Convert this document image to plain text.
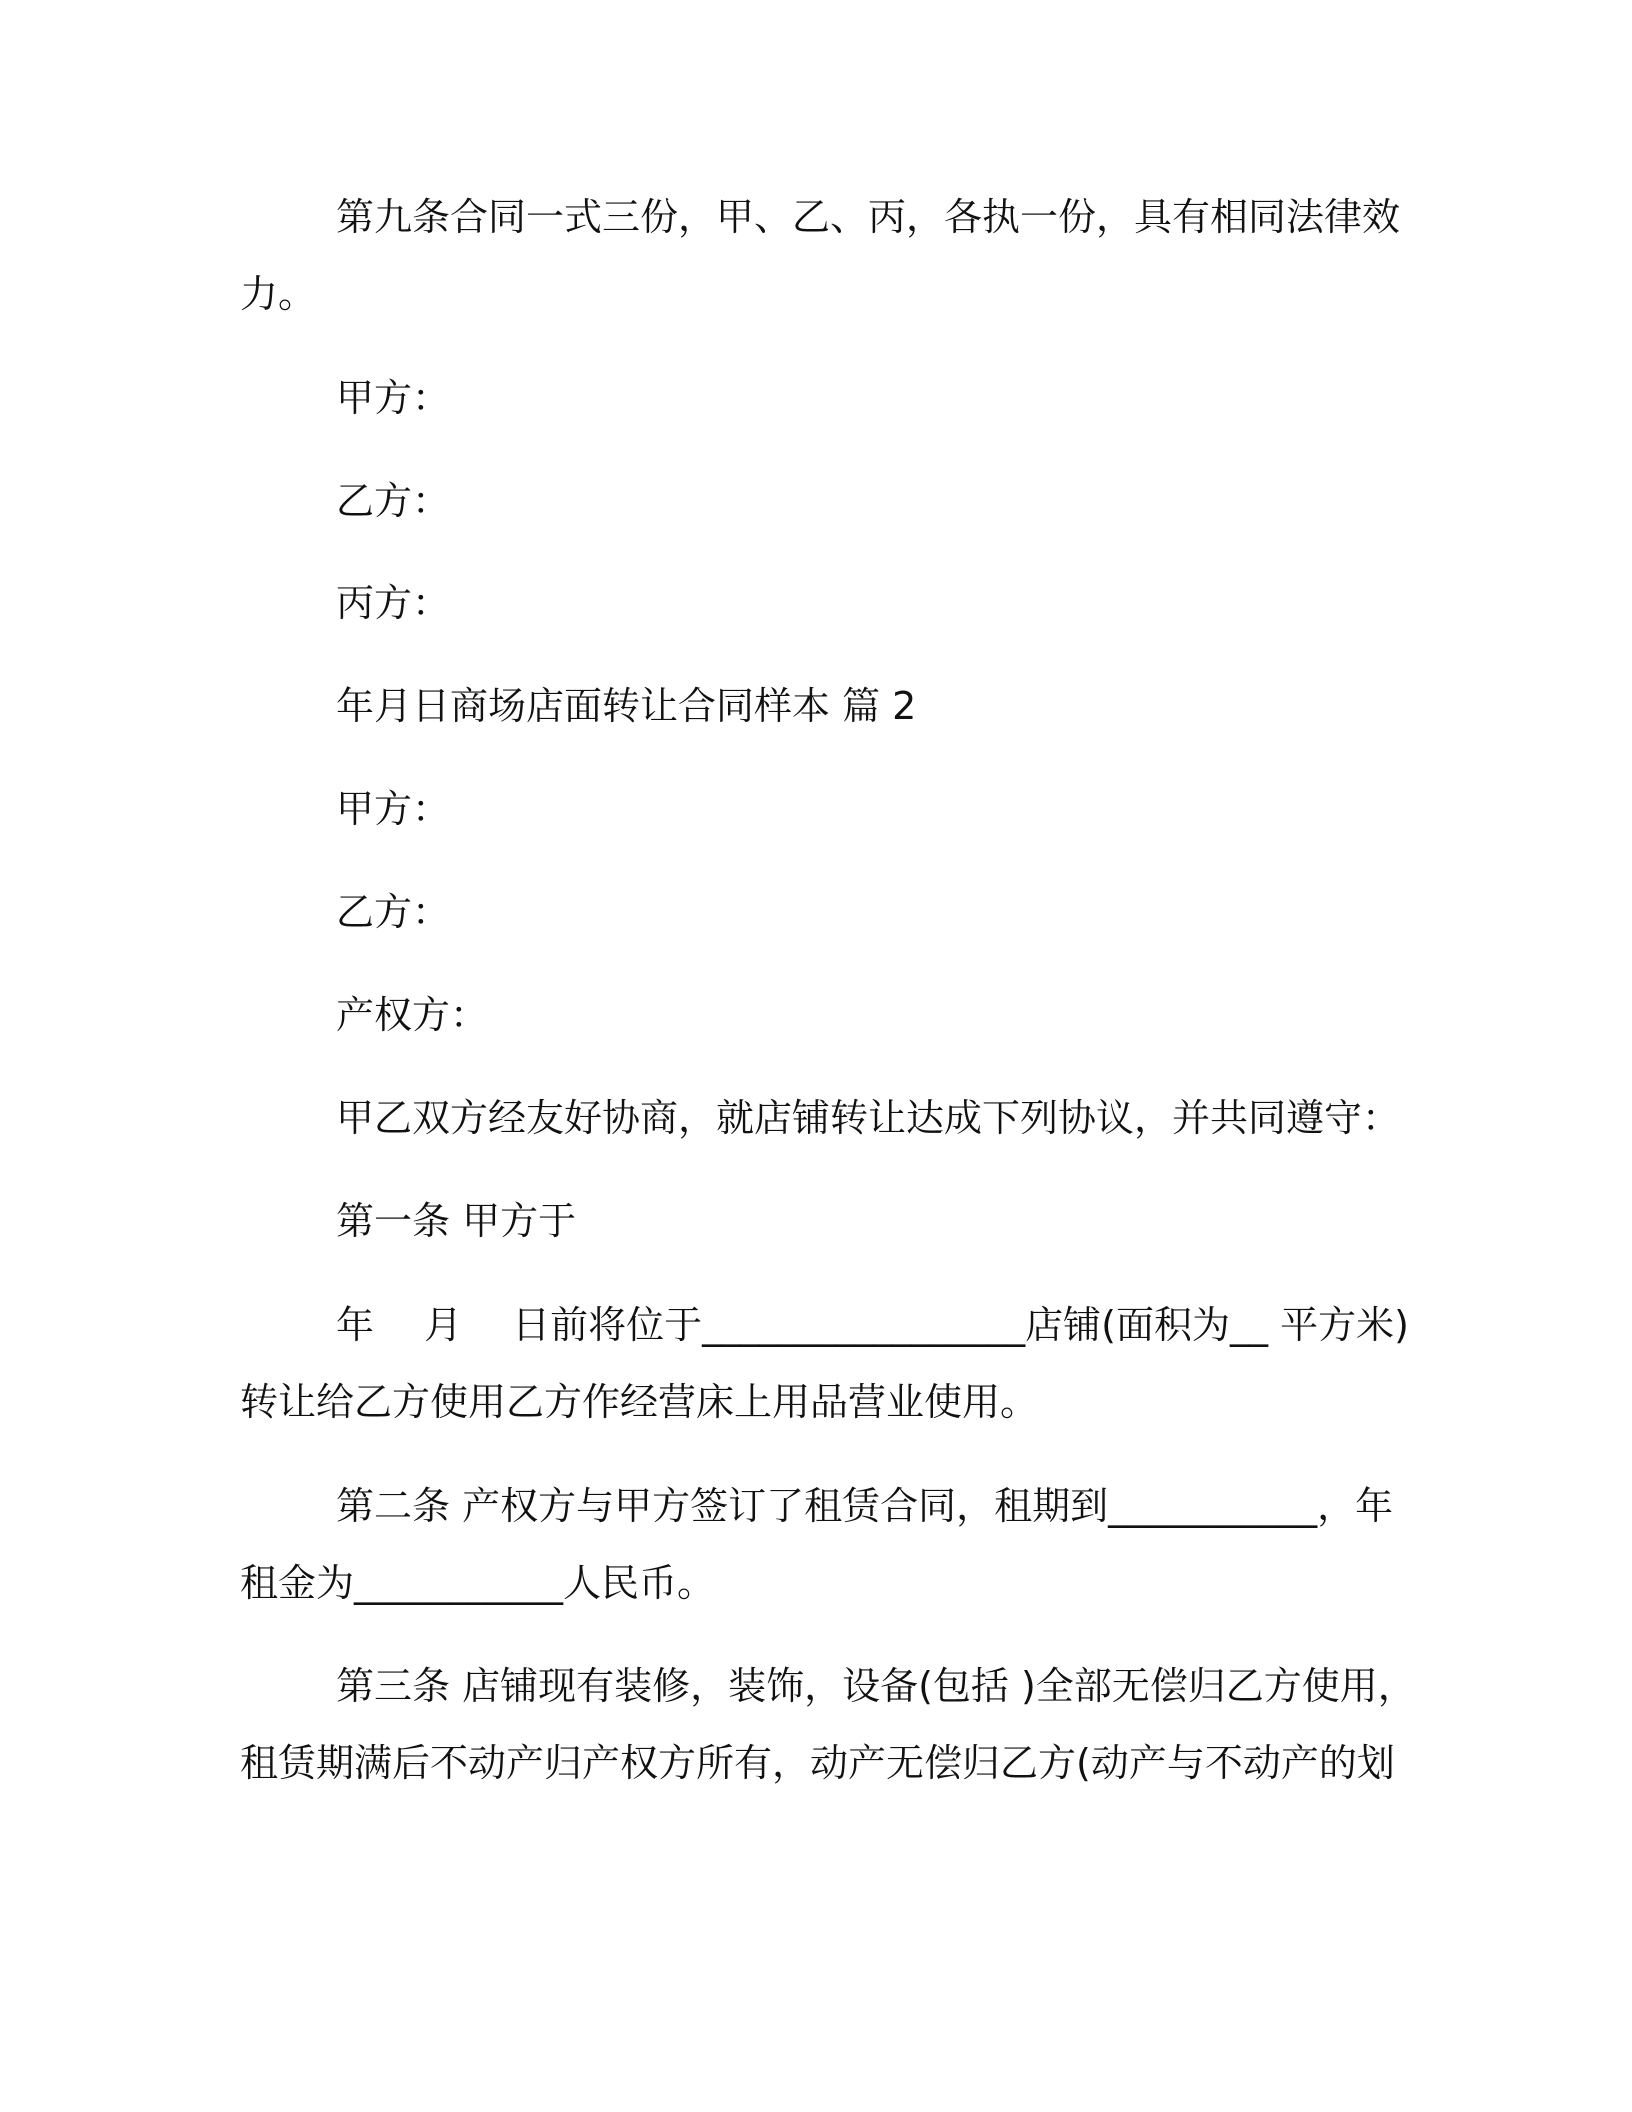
第九条合同一式三份，甲、乙、丙，各执一份，具有相同法律效
力。
甲方：
乙方：
丙方：
年月日商场店面转让合同样本 篇 2
甲方：
乙方：
产权方：
甲乙双方经友好协商，就店铺转让达成下列协议，并共同遵守：
第一条 甲方于
年　 月　 日前将位于_________________店铺(面积为__ 平方米)
转让给乙方使用乙方作经营床上用品营业使用。
第二条 产权方与甲方签订了租赁合同，租期到___________，年
租金为___________人民币。
第三条 店铺现有装修，装饰，设备(包括 )全部无偿归乙方使用，
租赁期满后不动产归产权方所有，动产无偿归乙方(动产与不动产的划
